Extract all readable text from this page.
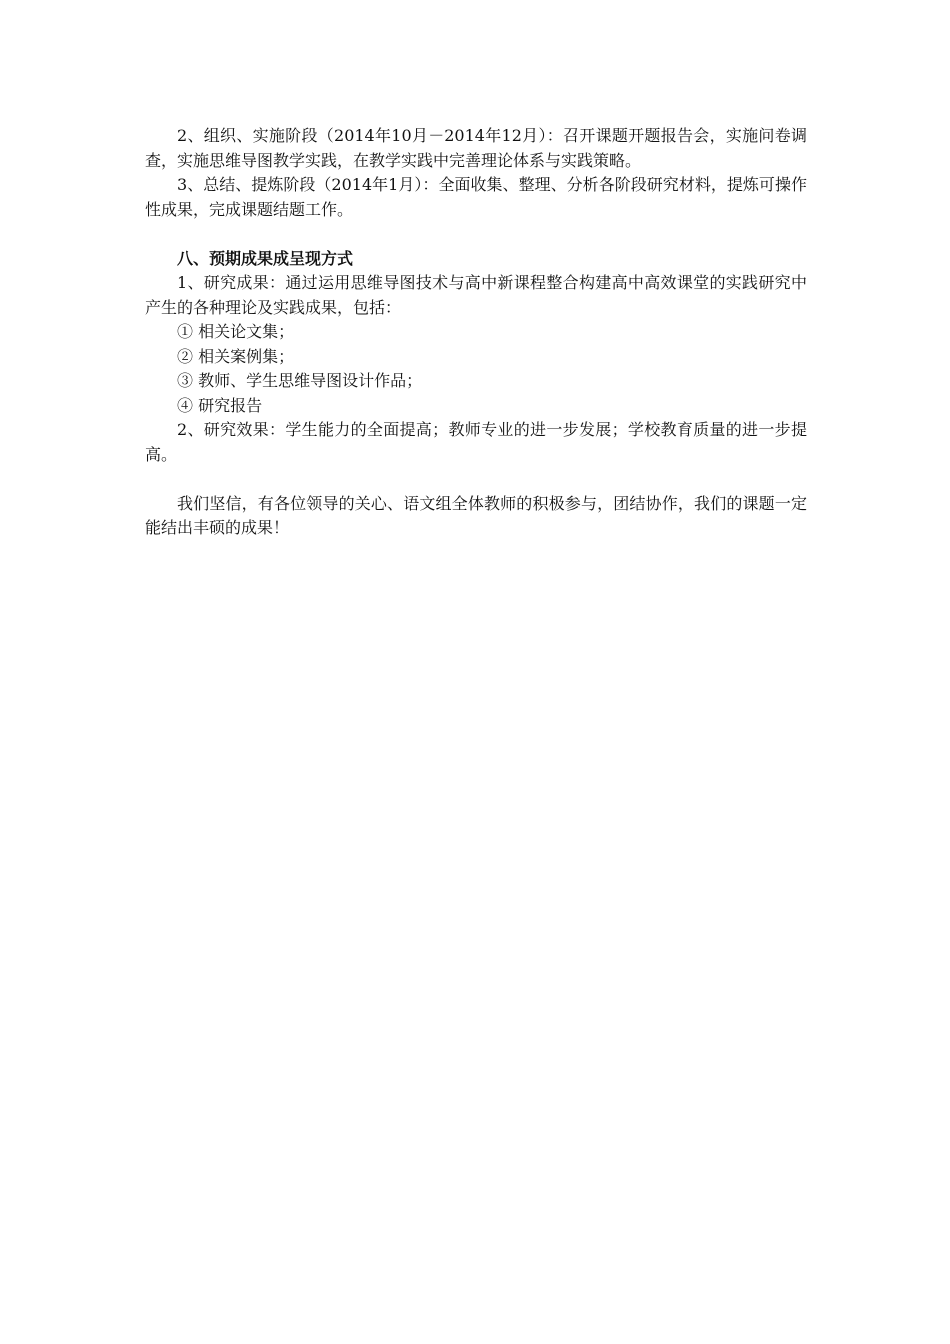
2、组织、实施阶段（2014年10月－2014年12月）：召开课题开题报告会，实施问卷调查，实施思维导图教学实践，在教学实践中完善理论体系与实践策略。

3、总结、提炼阶段（2014年1月）：全面收集、整理、分析各阶段研究材料，提炼可操作性成果，完成课题结题工作。

八、预期成果成呈现方式

1、研究成果：通过运用思维导图技术与高中新课程整合构建高中高效课堂的实践研究中产生的各种理论及实践成果，包括：

① 相关论文集；

② 相关案例集；

③ 教师、学生思维导图设计作品；

④ 研究报告

2、研究效果：学生能力的全面提高；教师专业的进一步发展；学校教育质量的进一步提高。

我们坚信，有各位领导的关心、语文组全体教师的积极参与，团结协作，我们的课题一定能结出丰硕的成果！
